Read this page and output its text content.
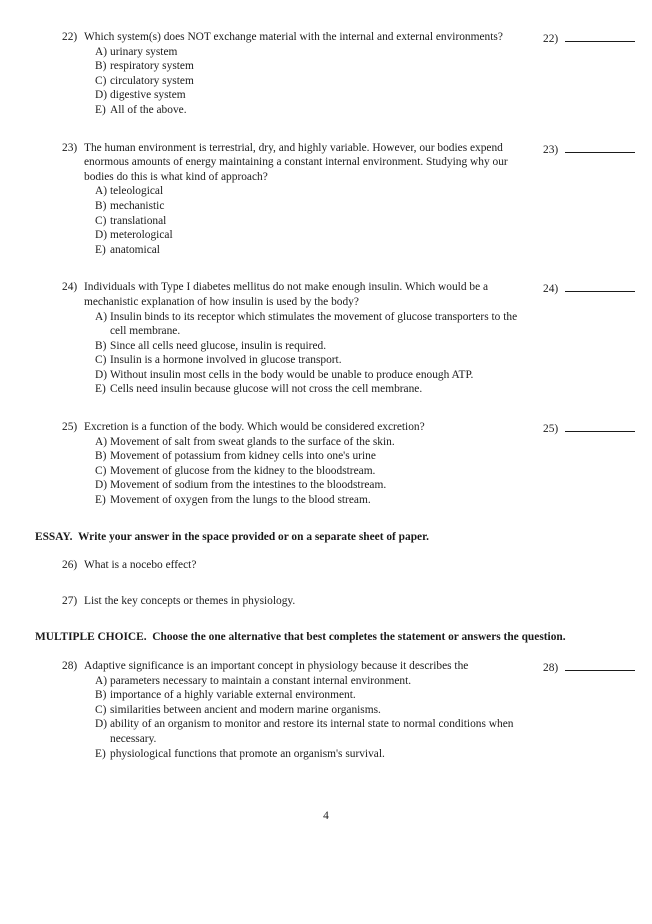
22) Which system(s) does NOT exchange material with the internal and external environments?
A) urinary system
B) respiratory system
C) circulatory system
D) digestive system
E) All of the above.
22)
23) The human environment is terrestrial, dry, and highly variable. However, our bodies expend enormous amounts of energy maintaining a constant internal environment. Studying why our bodies do this is what kind of approach?
A) teleological
B) mechanistic
C) translational
D) meterological
E) anatomical
23)
24) Individuals with Type I diabetes mellitus do not make enough insulin. Which would be a mechanistic explanation of how insulin is used by the body?
A) Insulin binds to its receptor which stimulates the movement of glucose transporters to the cell membrane.
B) Since all cells need glucose, insulin is required.
C) Insulin is a hormone involved in glucose transport.
D) Without insulin most cells in the body would be unable to produce enough ATP.
E) Cells need insulin because glucose will not cross the cell membrane.
24)
25) Excretion is a function of the body. Which would be considered excretion?
A) Movement of salt from sweat glands to the surface of the skin.
B) Movement of potassium from kidney cells into one's urine
C) Movement of glucose from the kidney to the bloodstream.
D) Movement of sodium from the intestines to the bloodstream.
E) Movement of oxygen from the lungs to the blood stream.
25)
ESSAY.  Write your answer in the space provided or on a separate sheet of paper.
26) What is a nocebo effect?
27) List the key concepts or themes in physiology.
MULTIPLE CHOICE.  Choose the one alternative that best completes the statement or answers the question.
28) Adaptive significance is an important concept in physiology because it describes the
A) parameters necessary to maintain a constant internal environment.
B) importance of a highly variable external environment.
C) similarities between ancient and modern marine organisms.
D) ability of an organism to monitor and restore its internal state to normal conditions when necessary.
E) physiological functions that promote an organism's survival.
28)
4
